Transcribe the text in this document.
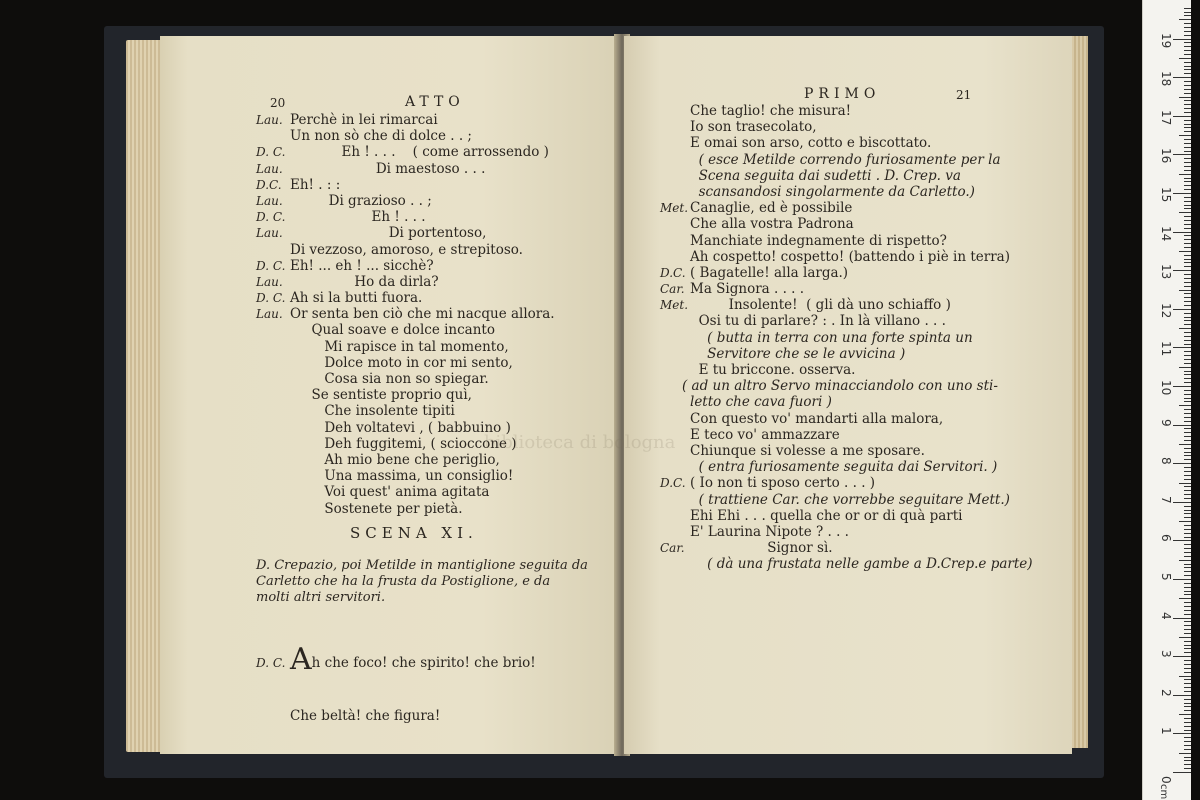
20	ATTO
Lau. Perchè in lei rimarcai
Un non sò che di dolce . . ;
D. C.            Eh ! . . .    ( come arrossendo )
Lau.                    Di maestoso . . .
D.C. Eh! . : :
Lau.         Di grazioso . . ;
D. C.                   Eh ! . . .
Lau.                       Di portentoso,
Di vezzoso, amoroso, e strepitoso.
D. C. Eh! ... eh ! ... sicchè?
Lau.               Ho da dirla?
D. C. Ah si la butti fuora.
Lau. Or senta ben ciò che mi nacque allora.
Qual soave e dolce incanto
Mi rapisce in tal momento,
Dolce moto in cor mi sento,
Cosa sia non so spiegar.
Se sentiste proprio quì,
Che insolente tipiti
Deh voltatevi , ( babbuino )
Deh fuggitemi, ( scioccone )
Ah mio bene che periglio,
Una massima, un consiglio!
Voi quest' anima agitata
Sostenete per pietà.
SCENA XI.
D. Crepazio, poi Metilde in mantiglione seguita da
Carletto che ha la frusta da Postiglione, e da
molti altri servitori.

D. C. Ah che foco! che spirito! che brio!

Che beltà! che figura!

PRIMO	21
Che taglio! che misura!
Io son trasecolato,
E omai son arso, cotto e biscottato.
( esce Metilde correndo furiosamente per la
Scena seguita dai sudetti . D. Crep. va
scansandosi singolarmente da Carletto.)
Met. Canaglie, ed è possibile
Che alla vostra Padrona
Manchiate indegnamente di rispetto?
Ah cospetto! cospetto! (battendo i piè in terra)
D.C. ( Bagatelle! alla larga.)
Car. Ma Signora . . . .
Met.         Insolente!  ( gli dà uno schiaffo )
Osi tu di parlare? : . In là villano . . .
( butta in terra con una forte spinta un
Servitore che se le avvicina )
E tu briccone. osserva.
( ad un altro Servo minacciandolo con uno sti-
letto che cava fuori )
Con questo vo' mandarti alla malora,
E teco vo' ammazzare
Chiunque si volesse a me sposare.
( entra furiosamente seguita dai Servitori. )
D.C. ( Io non ti sposo certo . . . )
( trattiene Car. che vorrebbe seguitare Mett.)
Ehi Ehi . . . quella che or or di quà parti
E' Laurina Nipote ? . . .
Car.                  Signor sì.
( dà una frustata nelle gambe a D.Crep.e parte)
biblioteca di bologna
0
1
2
3
4
5
6
7
8
9
10
11
12
13
14
15
16
17
18
19
cm
